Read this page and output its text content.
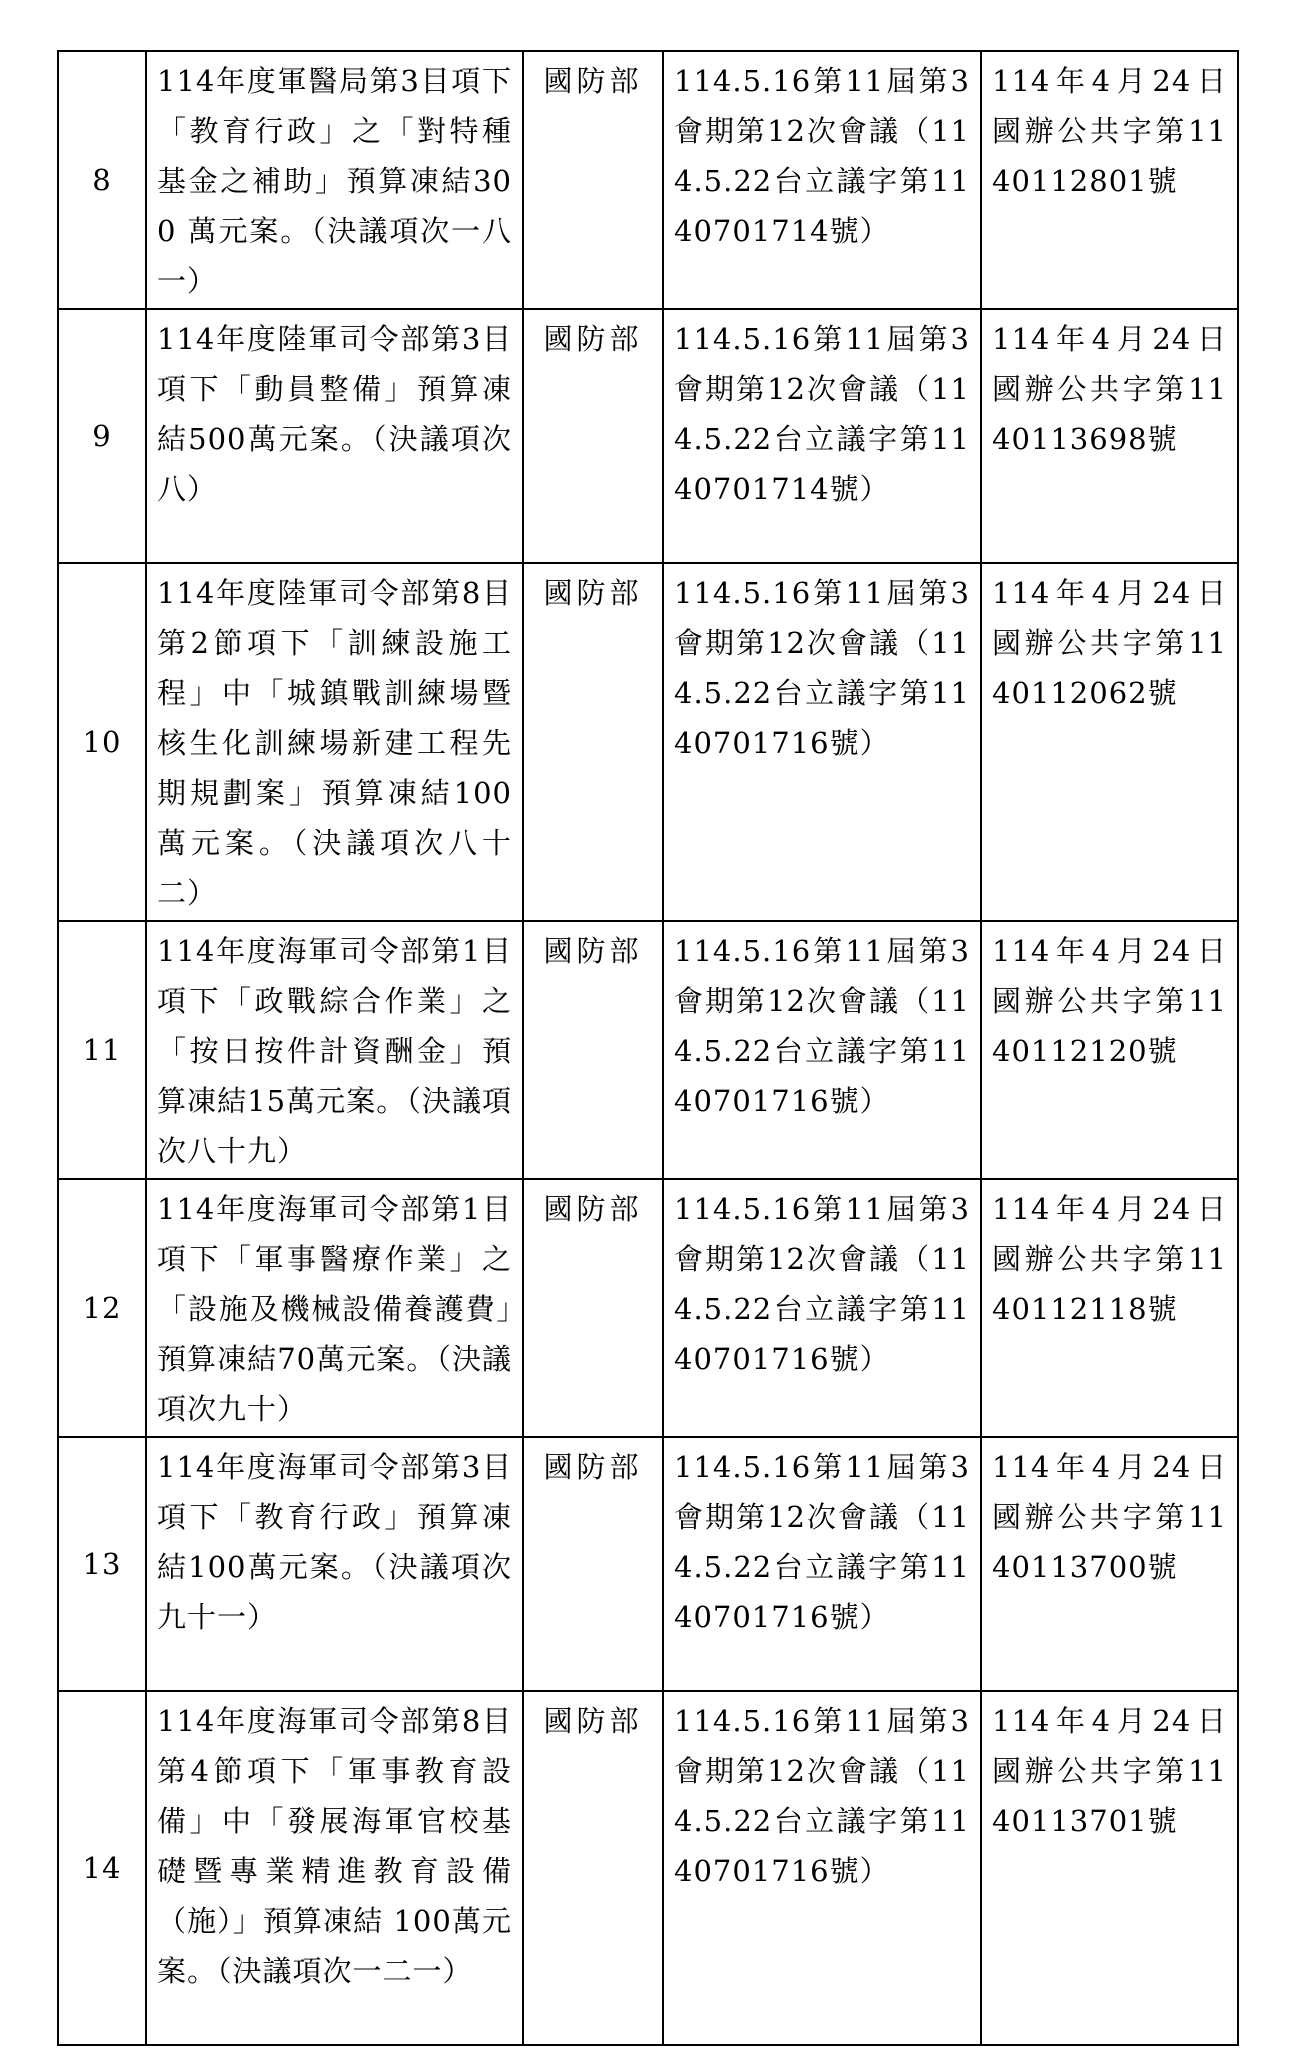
8	114年度軍醫局第3目項下「教育行政」之「對特種基金之補助」預算凍結300 萬元案。（決議項次一八一）	國防部	114.5.16第11屆第3會期第12次會議（114.5.22台立議字第1140701714號）	114年4月24日國辦公共字第1140112801號
9	114年度陸軍司令部第3目項下「動員整備」預算凍結500萬元案。（決議項次八）	國防部	114.5.16第11屆第3會期第12次會議（114.5.22台立議字第1140701714號）	114年4月24日國辦公共字第1140113698號
10	114年度陸軍司令部第8目第2節項下「訓練設施工程」中「城鎮戰訓練場暨核生化訓練場新建工程先期規劃案」預算凍結100 萬元案。（決議項次八十二）	國防部	114.5.16第11屆第3會期第12次會議（114.5.22台立議字第1140701716號）	114年4月24日國辦公共字第1140112062號
11	114年度海軍司令部第1目項下「政戰綜合作業」之「按日按件計資酬金」預算凍結15萬元案。（決議項次八十九）	國防部	114.5.16第11屆第3會期第12次會議（114.5.22台立議字第1140701716號）	114年4月24日國辦公共字第1140112120號
12	114年度海軍司令部第1目項下「軍事醫療作業」之「設施及機械設備養護費」預算凍結70萬元案。（決議項次九十）	國防部	114.5.16第11屆第3會期第12次會議（114.5.22台立議字第1140701716號）	114年4月24日國辦公共字第1140112118號
13	114年度海軍司令部第3目項下「教育行政」預算凍結100萬元案。（決議項次九十一）	國防部	114.5.16第11屆第3會期第12次會議（114.5.22台立議字第1140701716號）	114年4月24日國辦公共字第1140113700號
14	114年度海軍司令部第8目第4節項下「軍事教育設備」中「發展海軍官校基礎暨專業精進教育設備（施）」預算凍結 100萬元案。（決議項次一二一）	國防部	114.5.16第11屆第3會期第12次會議（114.5.22台立議字第1140701716號）	114年4月24日國辦公共字第1140113701號
